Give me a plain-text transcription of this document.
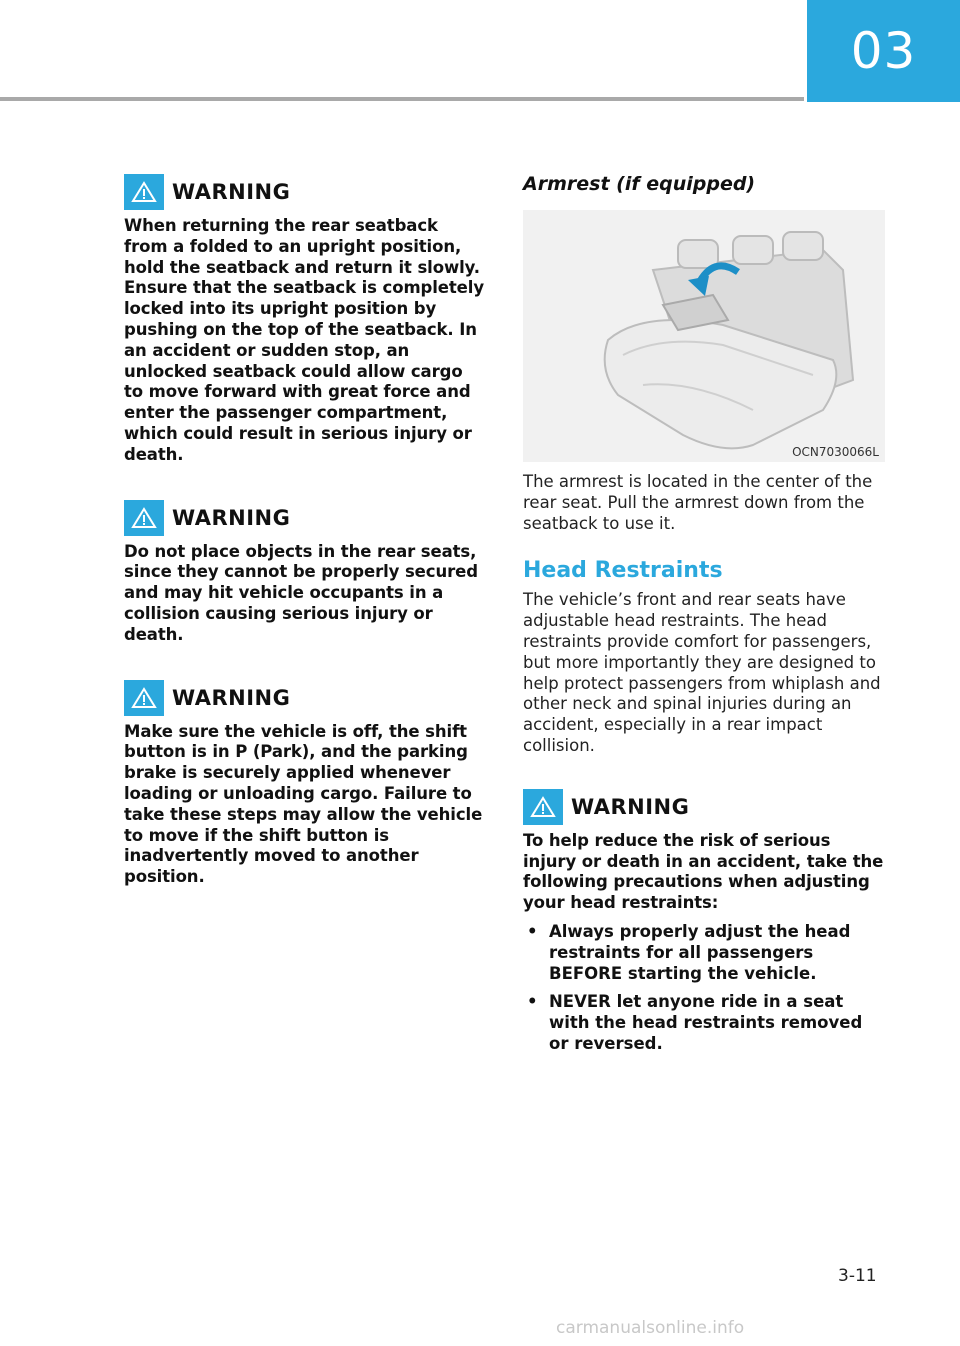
03
WARNING

When returning the rear seatback from a folded to an upright position, hold the seatback and return it slowly. Ensure that the seatback is completely locked into its upright position by pushing on the top of the seatback. In an accident or sudden stop, an unlocked seatback could allow cargo to move forward with great force and enter the passenger compartment, which could result in serious injury or death.

WARNING

Do not place objects in the rear seats, since they cannot be properly secured and may hit vehicle occupants in a collision causing serious injury or death.

WARNING

Make sure the vehicle is off, the shift button is in P (Park), and the parking brake is securely applied whenever loading or unloading cargo. Failure to take these steps may allow the vehicle to move if the shift button is inadvertently moved to another position.

Armrest (if equipped)
OCN7030066L

The armrest is located in the center of the rear seat. Pull the armrest down from the seatback to use it.

Head Restraints

The vehicle’s front and rear seats have adjustable head restraints. The head restraints provide comfort for passengers, but more importantly they are designed to help protect passengers from whiplash and other neck and spinal injuries during an accident, especially in a rear impact collision.

WARNING

To help reduce the risk of serious injury or death in an accident, take the following precautions when adjusting your head restraints:

• Always properly adjust the head restraints for all passengers BEFORE starting the vehicle.
• NEVER let anyone ride in a seat with the head restraints removed or reversed.
3-11
carmanualsonline.info
